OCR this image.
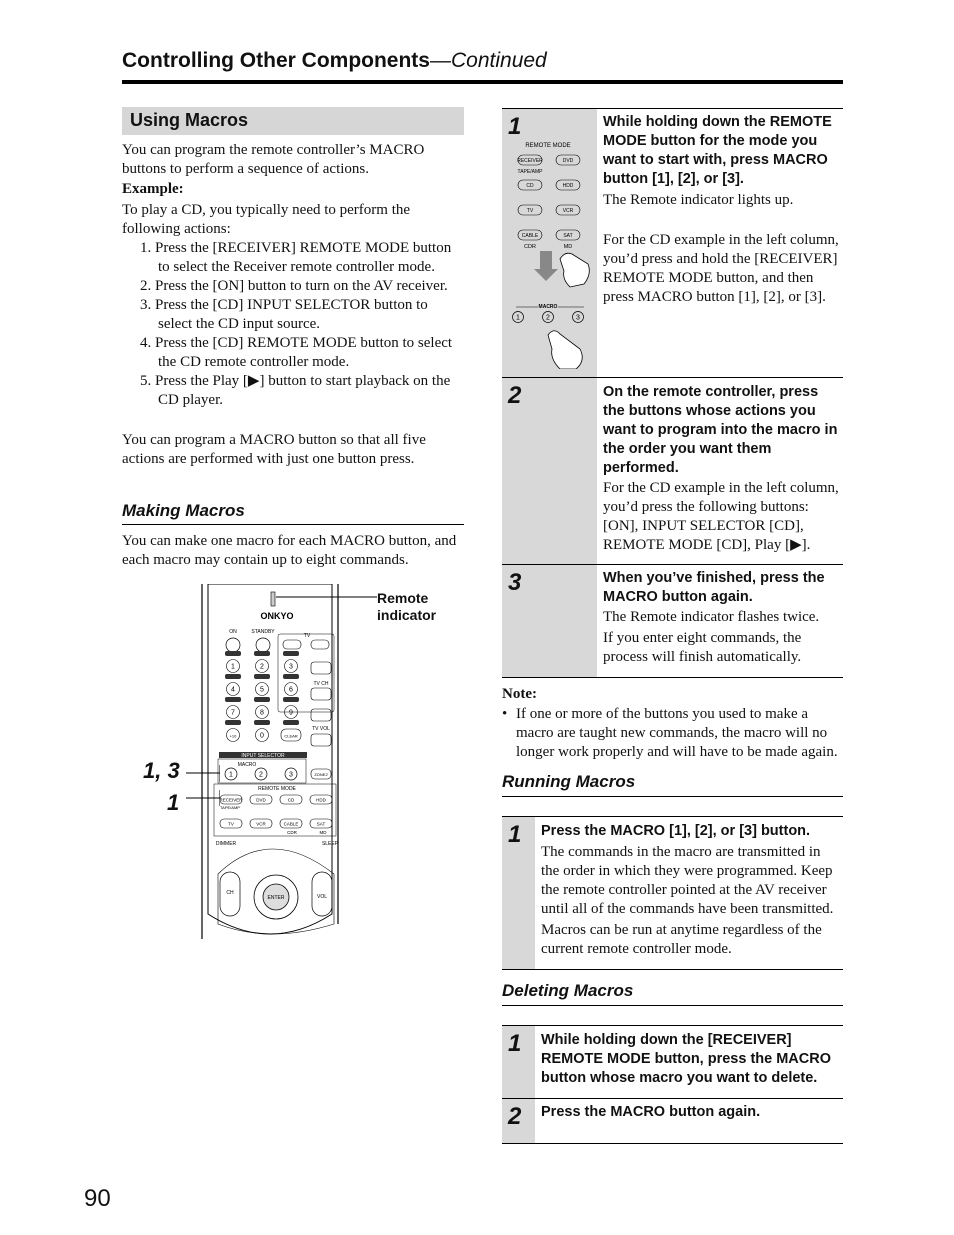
Controlling Other Components—Continued
Using Macros
You can program the remote controller’s MACRO buttons to perform a sequence of actions.
Example:
To play a CD, you typically need to perform the following actions:
1. Press the [RECEIVER] REMOTE MODE button to select the Receiver remote controller mode.
2. Press the [ON] button to turn on the AV receiver.
3. Press the [CD] INPUT SELECTOR button to select the CD input source.
4. Press the [CD] REMOTE MODE button to select the CD remote controller mode.
5. Press the Play [▶] button to start playback on the CD player.
You can program a MACRO button so that all five actions are performed with just one button press.
Making Macros
You can make one macro for each MACRO button, and each macro may contain up to eight commands.
ONKYO
ON	STANDBY
TV
TV CH
TV VOL
1	2	3
4	5	6
7	8	9
+10	0	CLEAR
INPUT SELECTOR
MACRO
1	2	3	ZONE2
REMOTE MODE
RECEIVER	DVD	CD	HDD
TV	VCR	CABLE	SAT
TAPE/AMP
CDR	MD
DIMMER	SLEEP
ENTER
CH
VOL
Remote indicator
1, 3
1
1
REMOTE MODE
RECEIVER	DVD
CD	HDD
TV	VCR
CABLE	SAT
TAPE/AMP
CDR	MD
MACRO
1	2	3
While holding down the REMOTE MODE button for the mode you want to start with, press MACRO button [1], [2], or [3].
The Remote indicator lights up.
For the CD example in the left column, you’d press and hold the [RECEIVER] REMOTE MODE button, and then press MACRO button [1], [2], or [3].
2	On the remote controller, press the buttons whose actions you want to program into the macro in the order you want them performed.
For the CD example in the left column, you’d press the following buttons: [ON], INPUT SELECTOR [CD], REMOTE MODE [CD], Play [▶].
3	When you’ve finished, press the MACRO button again.
The Remote indicator flashes twice.
If you enter eight commands, the process will finish automatically.
Note:
• If one or more of the buttons you used to make a macro are taught new commands, the macro will no longer work properly and will have to be made again.
Running Macros
1 Press the MACRO [1], [2], or [3] button.
The commands in the macro are transmitted in the order in which they were programmed. Keep the remote controller pointed at the AV receiver until all of the commands have been transmitted.
Macros can be run at anytime regardless of the current remote controller mode.
Deleting Macros
1 While holding down the [RECEIVER] REMOTE MODE button, press the MACRO button whose macro you want to delete.
2 Press the MACRO button again.
90
